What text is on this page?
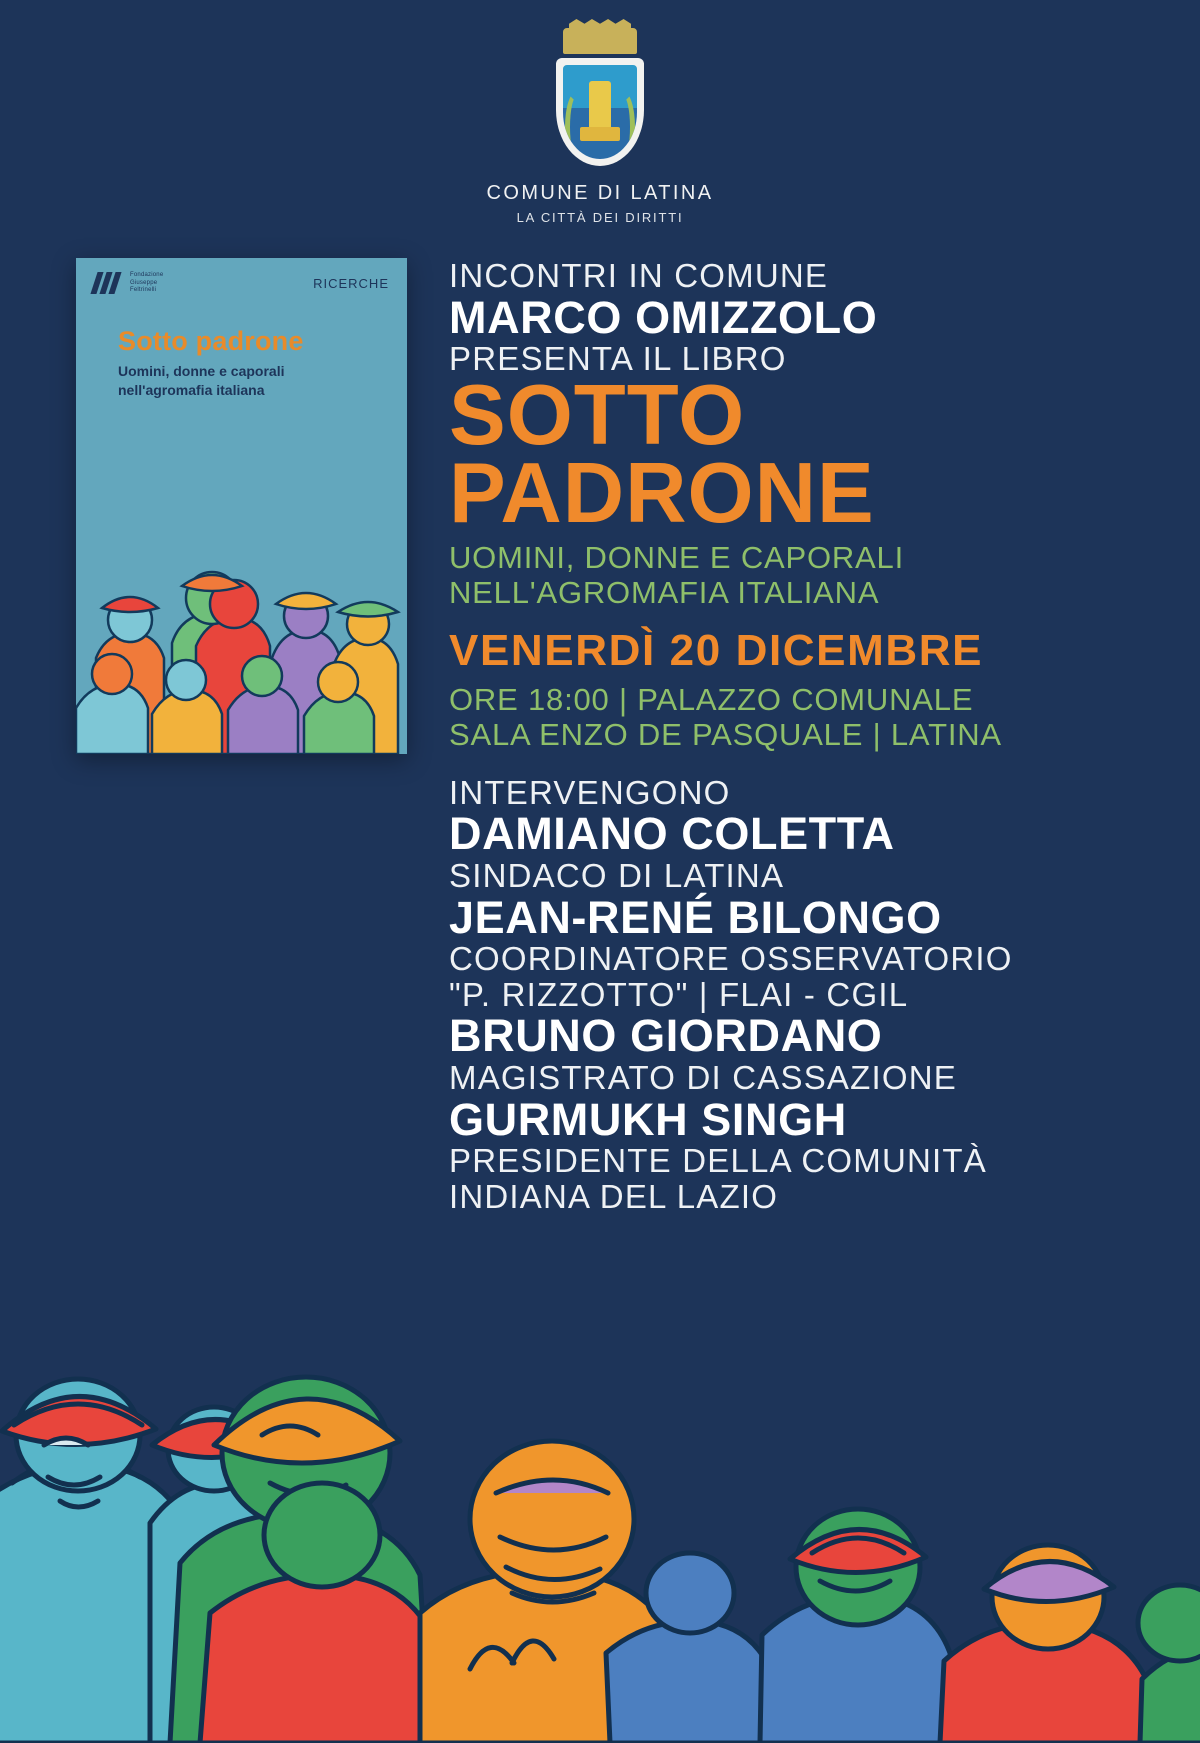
COMUNE DI LATINA
LA CITTÀ DEI DIRITTI
Fondazione
Giuseppe
Feltrinelli	RICERCHE
Sotto padrone
Uomini, donne e caporali
nell'agromafia italiana

INCONTRI IN COMUNE

MARCO OMIZZOLO

PRESENTA IL LIBRO

SOTTO

PADRONE

UOMINI, DONNE E CAPORALI

NELL'AGROMAFIA ITALIANA

VENERDÌ 20 DICEMBRE

ORE 18:00 | PALAZZO COMUNALE

SALA ENZO DE PASQUALE | LATINA

INTERVENGONO

DAMIANO COLETTA

SINDACO DI LATINA

JEAN-RENÉ BILONGO

COORDINATORE OSSERVATORIO

"P. RIZZOTTO" | FLAI - CGIL

BRUNO GIORDANO

MAGISTRATO DI CASSAZIONE

GURMUKH SINGH

PRESIDENTE DELLA COMUNITÀ

INDIANA DEL LAZIO
